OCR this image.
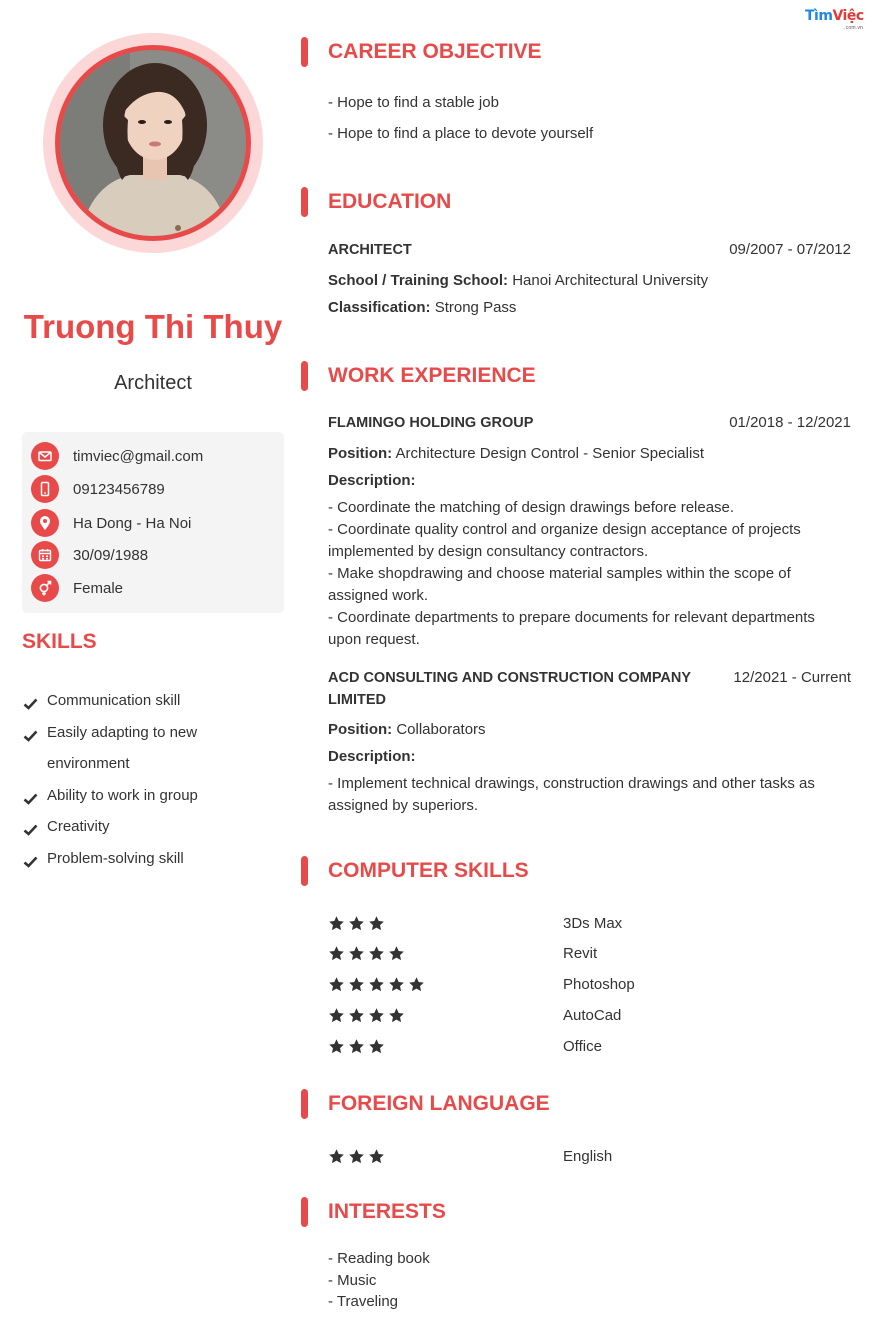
TìmViệc
.com.vn
Truong Thi Thuy
Architect
timviec@gmail.com
09123456789
Ha Dong - Ha Noi
30/09/1988
Female
SKILLS
Communication skill
Easily adapting to new environment
Ability to work in group
Creativity
Problem-solving skill
CAREER OBJECTIVE
- Hope to find a stable job
- Hope to find a place to devote yourself
EDUCATION
ARCHITECT	09/2007 - 07/2012
School / Training School: Hanoi Architectural University
Classification: Strong Pass
WORK EXPERIENCE
FLAMINGO HOLDING GROUP	01/2018 - 12/2021
Position: Architecture Design Control - Senior Specialist
Description:
- Coordinate the matching of design drawings before release.
- Coordinate quality control and organize design acceptance of projects implemented by design consultancy contractors.
- Make shopdrawing and choose material samples within the scope of assigned work.
- Coordinate departments to prepare documents for relevant departments upon request.
ACD CONSULTING AND CONSTRUCTION COMPANY LIMITED
12/2021 - Current
Position: Collaborators
Description:
- Implement technical drawings, construction drawings and other tasks as assigned by superiors.
COMPUTER SKILLS
3Ds Max
Revit
Photoshop
AutoCad
Office
FOREIGN LANGUAGE
English
INTERESTS
- Reading book
- Music
- Traveling
